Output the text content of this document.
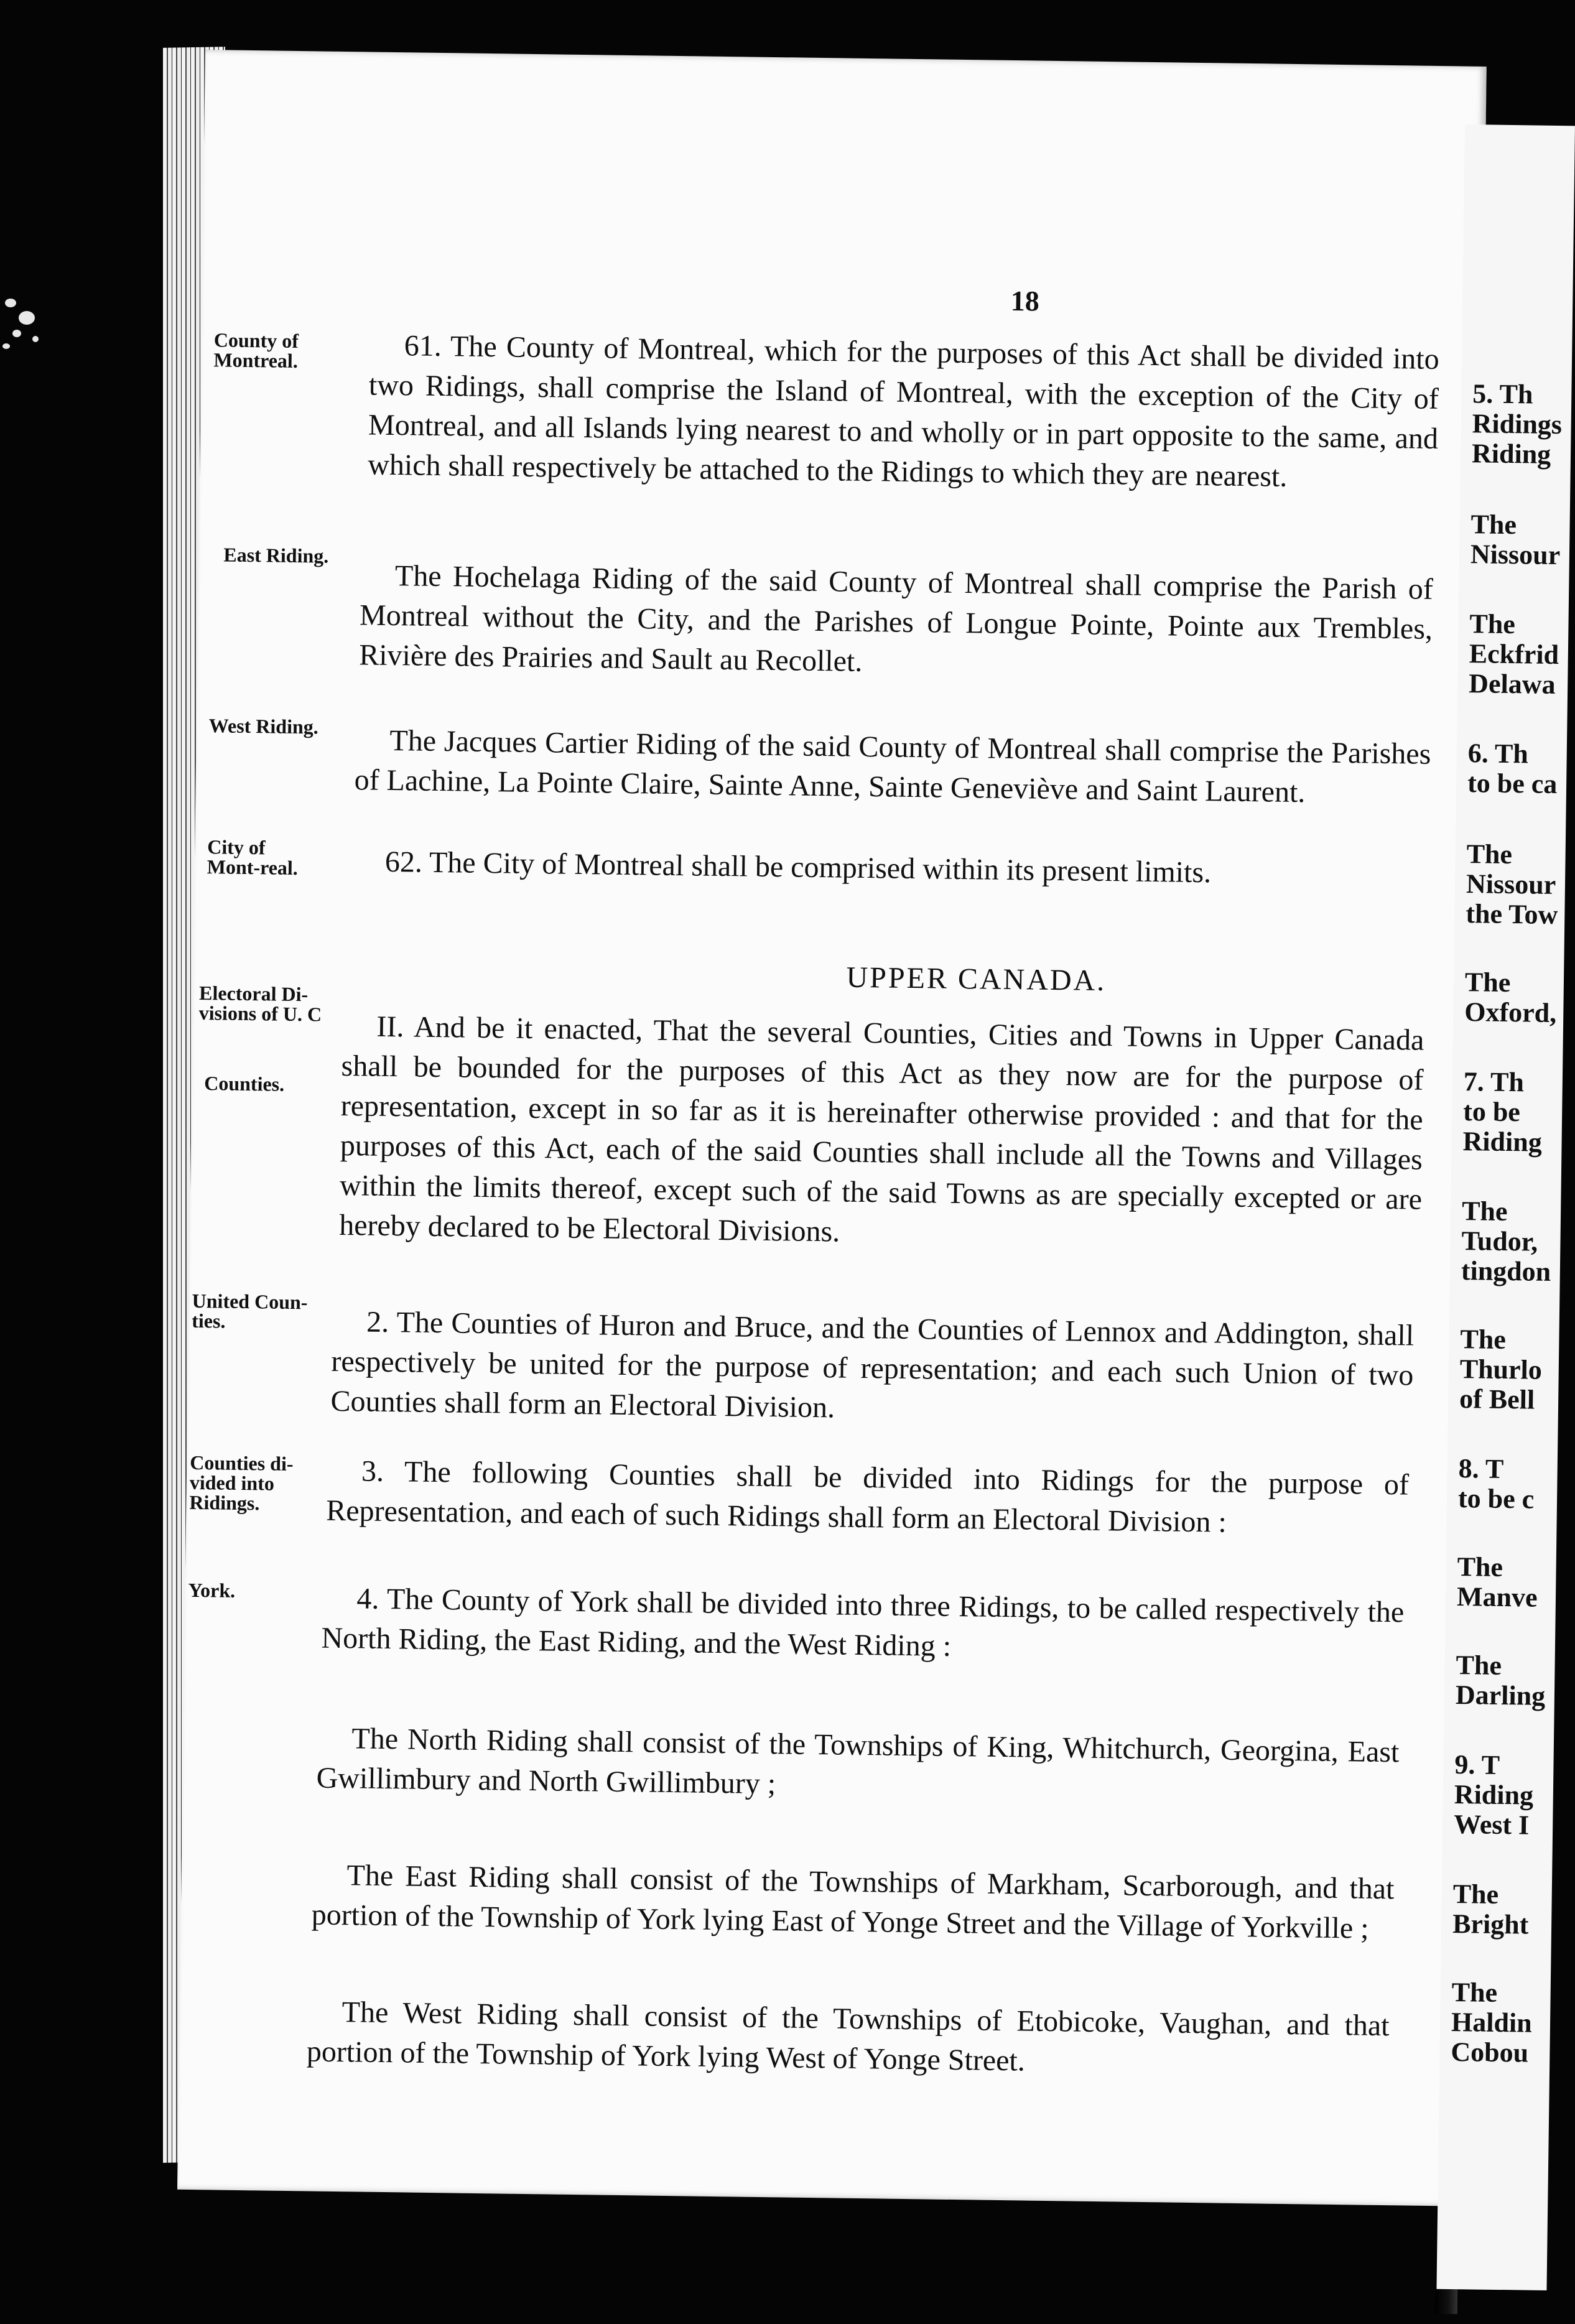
18
County of Montreal.
East Riding.
West Riding.
City of Mont-real.
Electoral Di-visions of U. C
Counties.
United Coun-ties.
Counties di-vided into Ridings.
York.
61. The County of Montreal, which for the purposes of this Act shall be divided into two Ridings, shall comprise the Island of Montreal, with the exception of the City of Montreal, and all Islands lying nearest to and wholly or in part opposite to the same, and which shall respectively be attached to the Ridings to which they are nearest.
The Hochelaga Riding of the said County of Montreal shall comprise the Parish of Montreal without the City, and the Parishes of Longue Pointe, Pointe aux Trembles, Rivière des Prairies and Sault au Recollet.
The Jacques Cartier Riding of the said County of Montreal shall comprise the Parishes of Lachine, La Pointe Claire, Sainte Anne, Sainte Geneviève and Saint Laurent.
62. The City of Montreal shall be comprised within its present limits.
UPPER CANADA.
II. And be it enacted, That the several Counties, Cities and Towns in Upper Canada shall be bounded for the purposes of this Act as they now are for the purpose of representation, except in so far as it is hereinafter otherwise provided : and that for the purposes of this Act, each of the said Counties shall include all the Towns and Villages within the limits thereof, except such of the said Towns as are specially excepted or are hereby declared to be Electoral Divisions.
2. The Counties of Huron and Bruce, and the Counties of Lennox and Addington, shall respectively be united for the purpose of representation; and each such Union of two Counties shall form an Electoral Division.
3. The following Counties shall be divided into Ridings for the purpose of Representation, and each of such Ridings shall form an Electoral Division :
4. The County of York shall be divided into three Ridings, to be called respectively the North Riding, the East Riding, and the West Riding :
The North Riding shall consist of the Townships of King, Whitchurch, Georgina, East Gwillimbury and North Gwillimbury ;
The East Riding shall consist of the Townships of Markham, Scarborough, and that portion of the Township of York lying East of Yonge Street and the Village of Yorkville ;
The West Riding shall consist of the Townships of Etobicoke, Vaughan, and that portion of the Township of York lying West of Yonge Street.
5. Th
Ridings
Riding
The
Nissour
The
Eckfrid
Delawa
6. Th
to be ca
The
Nissour
the Tow
The
Oxford,
7. Th
to be
Riding
The
Tudor,
tingdon
The
Thurlo
of Bell
8. T
to be c
The
Manve
The
Darling
9. T
Riding
West I
The
Bright
The
Haldin
Cobou
